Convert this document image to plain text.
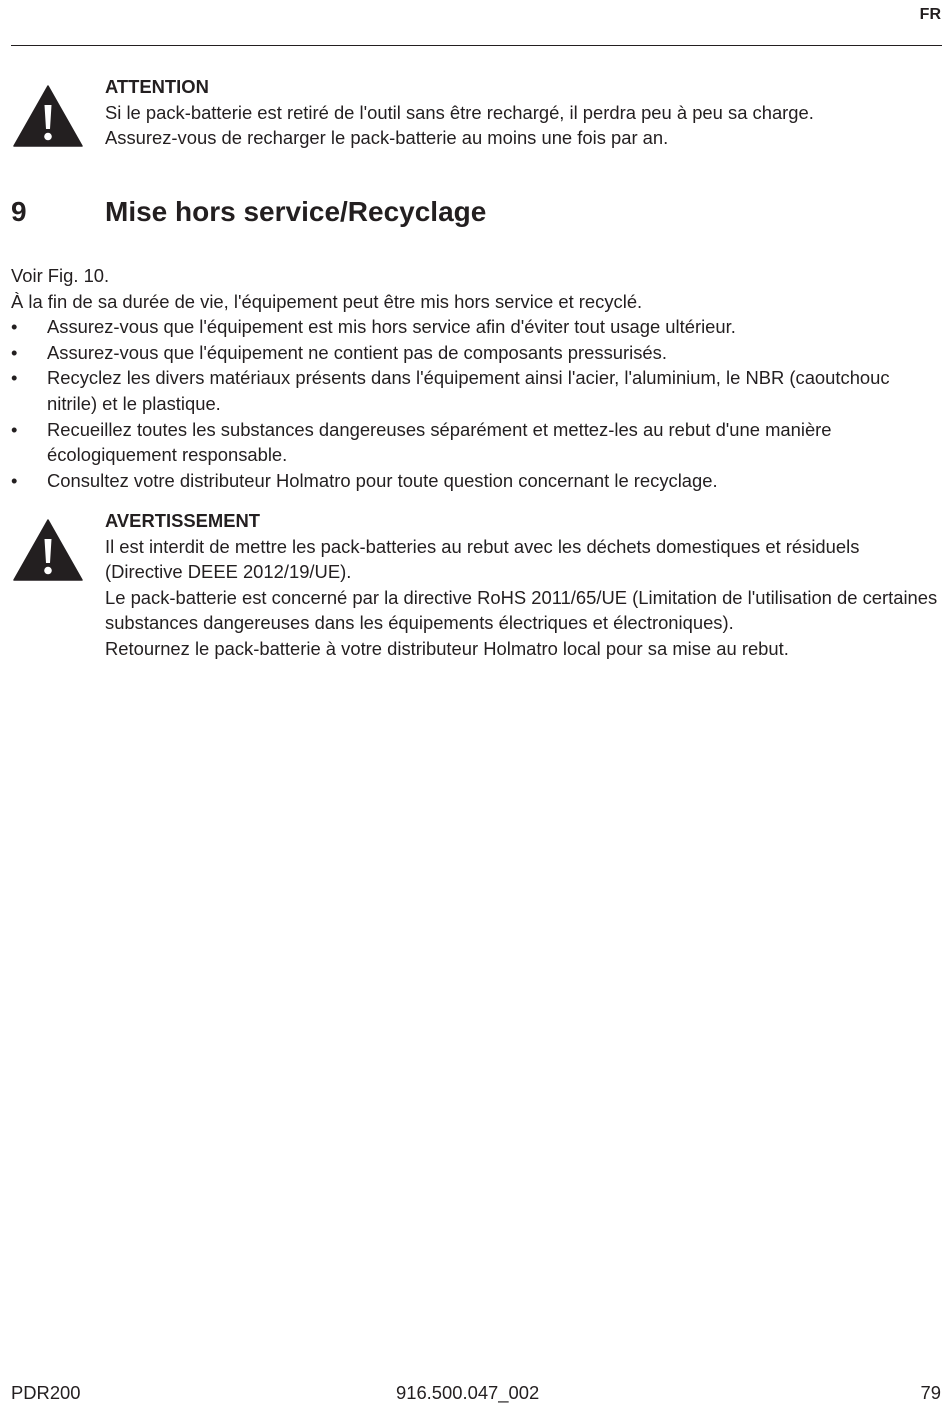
FR
ATTENTION
Si le pack-batterie est retiré de l'outil sans être rechargé, il perdra peu à peu sa charge.
Assurez-vous de recharger le pack-batterie au moins une fois par an.
9	Mise hors service/Recyclage
Voir Fig. 10.
À la fin de sa durée de vie, l'équipement peut être mis hors service et recyclé.
• Assurez-vous que l'équipement est mis hors service afin d'éviter tout usage ultérieur.
• Assurez-vous que l'équipement ne contient pas de composants pressurisés.
• Recyclez les divers matériaux présents dans l'équipement ainsi l'acier, l'aluminium, le NBR (caoutchouc nitrile) et le plastique.
• Recueillez toutes les substances dangereuses séparément et mettez-les au rebut d'une manière écologiquement responsable.
• Consultez votre distributeur Holmatro pour toute question concernant le recyclage.
AVERTISSEMENT
Il est interdit de mettre les pack-batteries au rebut avec les déchets domestiques et résiduels (Directive DEEE 2012/19/UE).
Le pack-batterie est concerné par la directive RoHS 2011/65/UE (Limitation de l'utilisation de certaines substances dangereuses dans les équipements électriques et électroniques).
Retournez le pack-batterie à votre distributeur Holmatro local pour sa mise au rebut.
PDR200	916.500.047_002	79
